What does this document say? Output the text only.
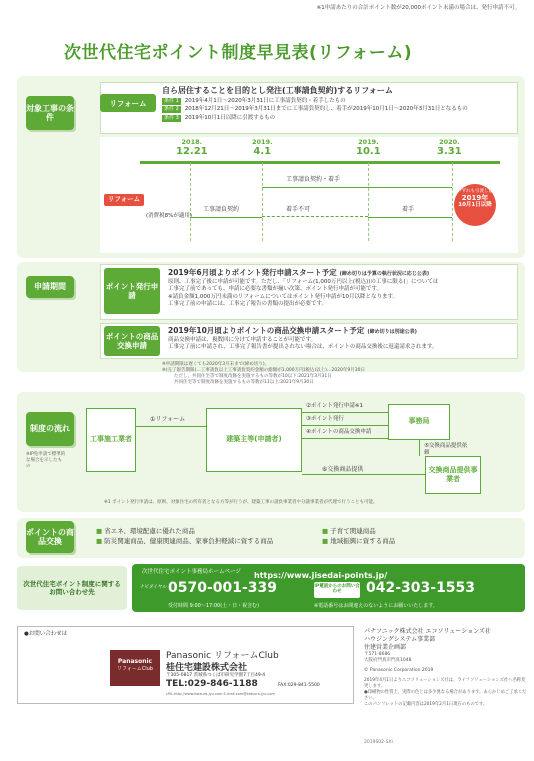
※1申請あたりの合計ポイント数が20,000ポイント未満の場合は、発行申請不可。
次世代住宅ポイント制度早見表(リフォーム)
対象工事の条件
リフォーム
自ら居住することを目的とし発注(工事請負契約)するリフォーム
条件 1 2019年4月1日～2020年3月31日に工事請負契約・着手したもの
条件 2 2018年12月21日～2019年3月31日までに工事請負契約し、着手が2019年10月1日～2020年3月31日となるもの
条件 3 2019年10月1日以降に引渡するもの
2018.
12.21
2019.
4.1
2019.
10.1
2020.
3.31
リフォーム
(消費税8%が適用)
工事請負契約・着手
工事請負契約	着手不可	着手
いずれも引渡しは
2019年
10月1日以降
申請期間	ポイント発行申請
2019年6月頃よりポイント発行申請スタート予定 (締め切りは予算の執行状況に応じ公表)
原則、工事完了後に申請が可能です。ただし、「リフォーム(1,000万円以上(税込))の工事に限る)」については
工事完了前であっても、申請に必要な書類が揃い次第、ポイント発行申請が可能です。
※請負金額1,000万円未満のリフォームについてはポイント発行申請が10月以降となります。
工事完了前の申請には、工事完了報告の書類の提出が必要です。
ポイントの商品交換申請
2019年10月頃よりポイントの商品交換申請スタート予定 (締め切りは別途公表)
商品交換申請は、複数回に分けて申請することが可能です。
工事完了前に申請され、工事完了報告書が提出されない場合は、ポイントの商品交換後に返還請求されます。
※申請期限は遅くても2020年3月末まで(締め切り)。
※(完了報告期限)…工事請負以上工事請負契約金額の総額が1,000万円(税込)以上)…2020年9月30日
ただし、共同住宅等で制度改修を実施するもの等数が10以下:2021年3月31日
共同住宅等で制度改修を実施するもの等数が11以上:2021年9月30日
制度の流れ
※IP免申請で標準的な場合を示したもの
工事施工業者	建築主等(申請者)
事務局
交換商品提供事業者
①リフォーム
②ポイント発行申請※1
③ポイント発行
④ポイントの商品交換申請
⑤交換商品提供依頼
⑥交換商品提供
※1 ポイント発行申請は、原則、対象住宅の所有者となる方等が行うが、建築工事の請負事業者や分譲事業者が代理で行うことも可能。
ポイントの商品交換
■ 省エネ、環境配慮に優れた商品
■ 防災関連商品、健康関連商品、家事負担軽減に資する商品
■ 子育て関連商品
■ 地域振興に資する商品
次世代住宅ポイント制度に関するお問い合わせ先
次世代住宅ポイント事務局ホームページ https://www.jisedai-points.jp/
ナビダイヤル 0570-001-339	IP電話からのお問い合わせ	042-303-1553
受付時間 9:00～17:00(土・日・祝含む)	※電話番号はお間違えのないようにお願いいたします。
●お問い合わせは
Panasonic
リフォームClub
Panasonic リフォームClub
桂住宅建設株式会社
〒305-0817 茨城県つくば市研究学園7丁目49-4
TEL:029-846-1188	FAX:029-841-5500
URL:http://www.katsura-jyu.com E-mail:com@katsura-jyu.com
パナソニック株式会社 エコソリューションズ社
ハウジングシステム事業部
住建営業企画部
〒571-8686
大阪府門真市門真1048
© Panasonic Corporation 2019
2019年4月1日よりエコソリューションズ社は、ライフソリューションズ社へ名称変更します。
●印刷物の性質上、実際の色とは多少異なる場合があります。あらかじめご了承ください。
このパンフレットの記載内容は2019年2月1日現在のものです。
2019S02-SXi
